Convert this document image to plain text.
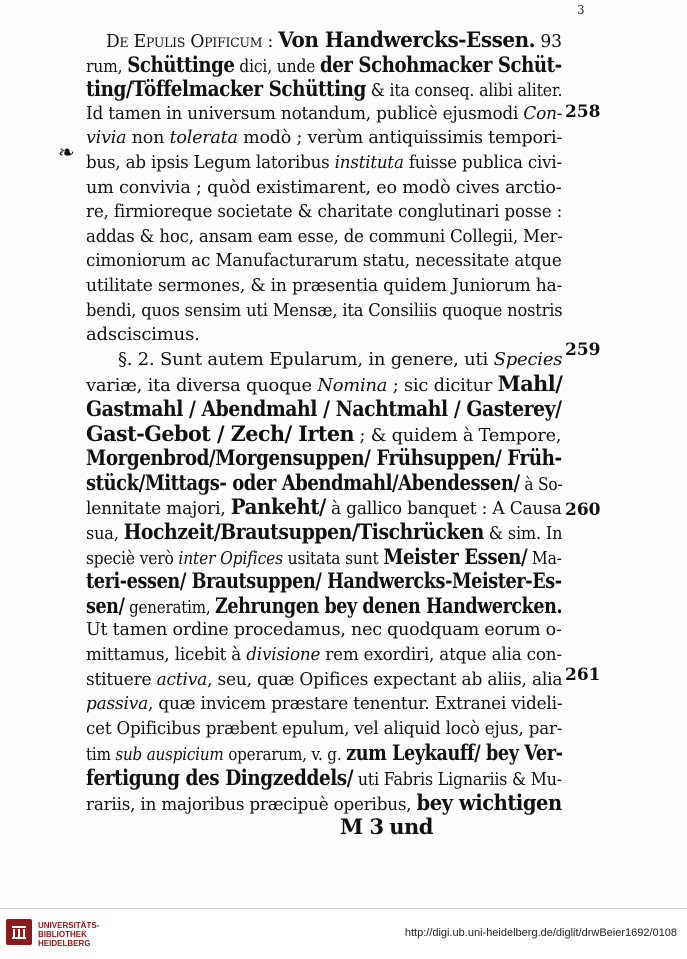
3
De Epulis Opificum : Von Handwercks-Essen. 93
rum, Schüttinge dici, unde der Schohmacker Schüt-
ting/Töffelmacker Schütting & ita conseq. alibi aliter.
Id tamen in universum notandum, publicè ejusmodi Con-
vivia non tolerata modò ; verùm antiquissimis tempori-
bus, ab ipsis Legum latoribus instituta fuisse publica civi-
um convivia ; quòd existimarent, eo modò cives arctio-
re, firmioreque societate & charitate conglutinari posse :
addas & hoc, ansam eam esse, de communi Collegii, Mer-
cimoniorum ac Manufacturarum statu, necessitate atque
utilitate sermones, & in præsentia quidem Juniorum ha-
bendi, quos sensim uti Mensæ, ita Consiliis quoque nostris
adsciscimus.
§. 2. Sunt autem Epularum, in genere, uti Species
variæ, ita diversa quoque Nomina ; sic dicitur Mahl/
Gastmahl / Abendmahl / Nachtmahl / Gasterey/
Gast-Gebot / Zech/ Irten ; & quidem à Tempore,
Morgenbrod/Morgensuppen/ Frühsuppen/ Früh-
stück/Mittags- oder Abendmahl/Abendessen/ à So-
lennitate majori, Pankeht/ à gallico banquet : A Causa
sua, Hochzeit/Brautsuppen/Tischrücken & sim. In
speciè verò inter Opifices usitata sunt Meister Essen/ Ma-
teri-essen/ Brautsuppen/ Handwercks-Meister-Es-
sen/ generatim, Zehrungen bey denen Handwercken.
Ut tamen ordine procedamus, nec quodquam eorum o-
mittamus, licebit à divisione rem exordiri, atque alia con-
stituere activa, seu, quæ Opifices expectant ab aliis, alia
passiva, quæ invicem præstare tenentur. Extranei videli-
cet Opificibus præbent epulum, vel aliquid locò ejus, par-
tim sub auspicium operarum, v. g. zum Leykauff/ bey Ver-
fertigung des Dingzeddels/ uti Fabris Lignariis & Mu-
rariis, in majoribus præcipuè operibus, bey wichtigen
M 3 und
258
259
260
261
❧
UNIVERSITÄTS-
BIBLIOTHEK
HEIDELBERG
http://digi.ub.uni-heidelberg.de/diglit/drwBeier1692/0108
